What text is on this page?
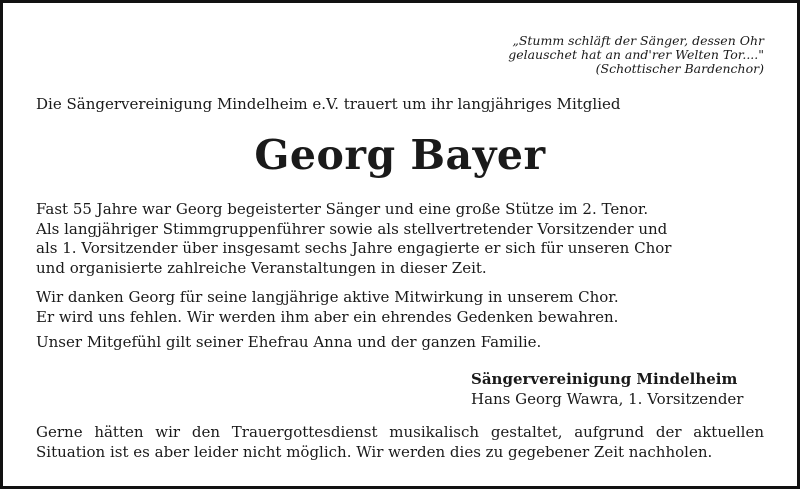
„Stumm schläft der Sänger, dessen Ohr
gelauschet hat an and'rer Welten Tor...."
(Schottischer Bardenchor)
Die Sängervereinigung Mindelheim e.V. trauert um ihr langjähriges Mitglied
Georg Bayer
Fast 55 Jahre war Georg begeisterter Sänger und eine große Stütze im 2. Tenor.
Als langjähriger Stimmgruppenführer sowie als stellvertretender Vorsitzender und
als 1. Vorsitzender über insgesamt sechs Jahre engagierte er sich für unseren Chor
und organisierte zahlreiche Veranstaltungen in dieser Zeit.
Wir danken Georg für seine langjährige aktive Mitwirkung in unserem Chor.
Er wird uns fehlen. Wir werden ihm aber ein ehrendes Gedenken bewahren.
Unser Mitgefühl gilt seiner Ehefrau Anna und der ganzen Familie.
Sängervereinigung Mindelheim
Hans Georg Wawra, 1. Vorsitzender
Gerne hätten wir den Trauergottesdienst musikalisch gestaltet, aufgrund der aktuellen
Situation ist es aber leider nicht möglich. Wir werden dies zu gegebener Zeit nachholen.
